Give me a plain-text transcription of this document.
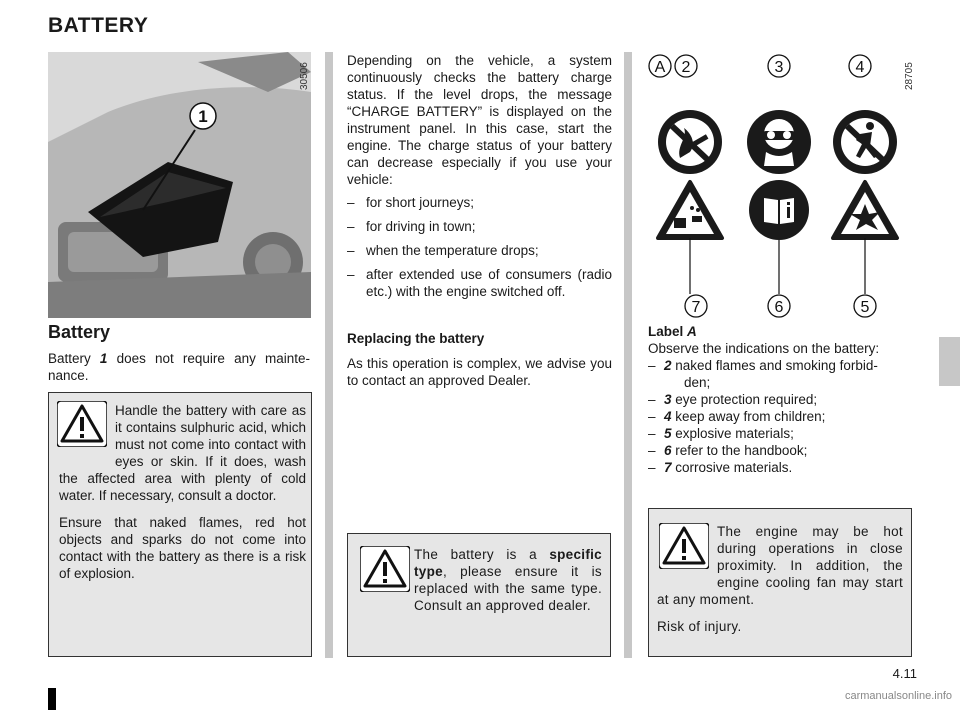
BATTERY
1
30506
Battery
Battery 1 does not require any mainte-nance.

Handle the battery with care as it contains sulphuric acid, which must not come into contact with eyes or skin. If it does, wash the affected area with plenty of cold water. If necessary, consult a doctor.

Ensure that naked flames, red hot objects and sparks do not come into contact with the battery as there is a risk of explosion.

Depending on the vehicle, a system continuously checks the battery charge status. If the level drops, the message “CHARGE BATTERY” is displayed on the instrument panel. In this case, start the engine. The charge status of your battery can decrease especially if you use your vehicle:
– for short journeys;
– for driving in town;
– when the temperature drops;
– after extended use of consumers (radio etc.) with the engine switched off.
Replacing the battery
As this operation is complex, we advise you to contact an approved Dealer.
The battery is a specific type, please ensure it is replaced with the same type. Consult an approved dealer.
A 2	3	4
7	6	5
28705
Label A
Observe the indications on the battery:
– 2 naked flames and smoking forbid-
den;
– 3 eye protection required;
– 4 keep away from children;
– 5 explosive materials;
– 6 refer to the handbook;
– 7 corrosive materials.

The engine may be hot during operations in close proximity. In addition, the engine cooling fan may start at any moment.

Risk of injury.

4.11
carmanualsonline.info
